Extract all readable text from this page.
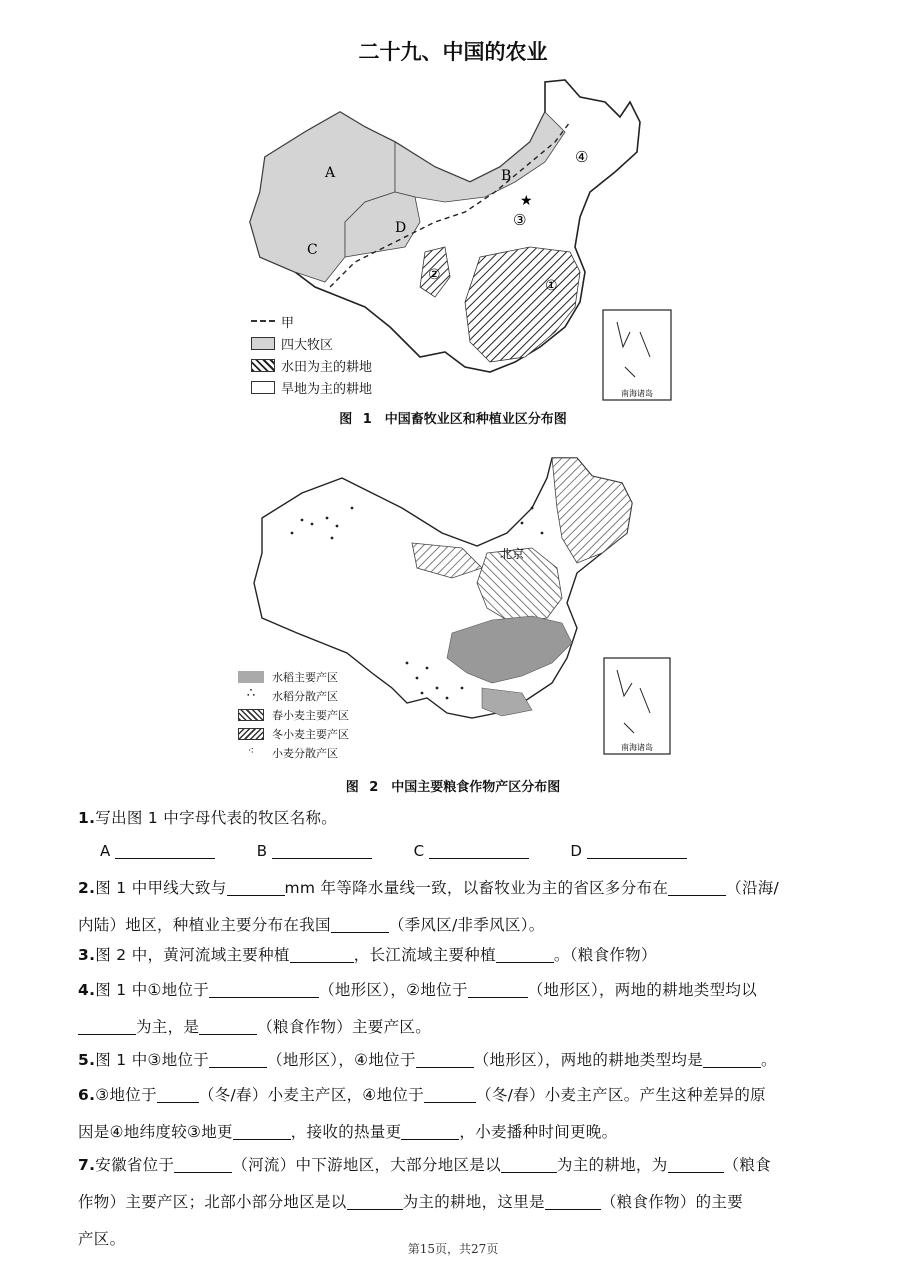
二十九、中国的农业
★
A	B
C
D
①
②
③
④
南海诸岛
甲
四大牧区
水田为主的耕地
旱地为主的耕地
图 1　中国畜牧业区和种植业区分布图
北京
南海诸岛
水稻主要产区
∴	水稻分散产区
春小麦主要产区
冬小麦主要产区
⁖	小麦分散产区
图 2　中国主要粮食作物产区分布图
1.写出图 1 中字母代表的牧区名称。
A	B	C	D
2.图 1 中甲线大致与	mm 年等降水量线一致，以畜牧业为主的省区多分布在	（沿海/
内陆）地区，种植业主要分布在我国	（季风区/非季风区）。
3.图 2 中，黄河流域主要种植	，长江流域主要种植	。（粮食作物）
4.图 1 中①地位于	（地形区），②地位于	（地形区），两地的耕地类型均以
为主，是	（粮食作物）主要产区。
5.图 1 中③地位于	（地形区），④地位于	（地形区），两地的耕地类型均是	。
6.③地位于	（冬/春）小麦主产区，④地位于	（冬/春）小麦主产区。产生这种差异的原
因是④地纬度较③地更	，接收的热量更	，小麦播种时间更晚。
7.安徽省位于	（河流）中下游地区，大部分地区是以	为主的耕地，为	（粮食
作物）主要产区；北部小部分地区是以	为主的耕地，这里是	（粮食作物）的主要
产区。
第15页，共27页
